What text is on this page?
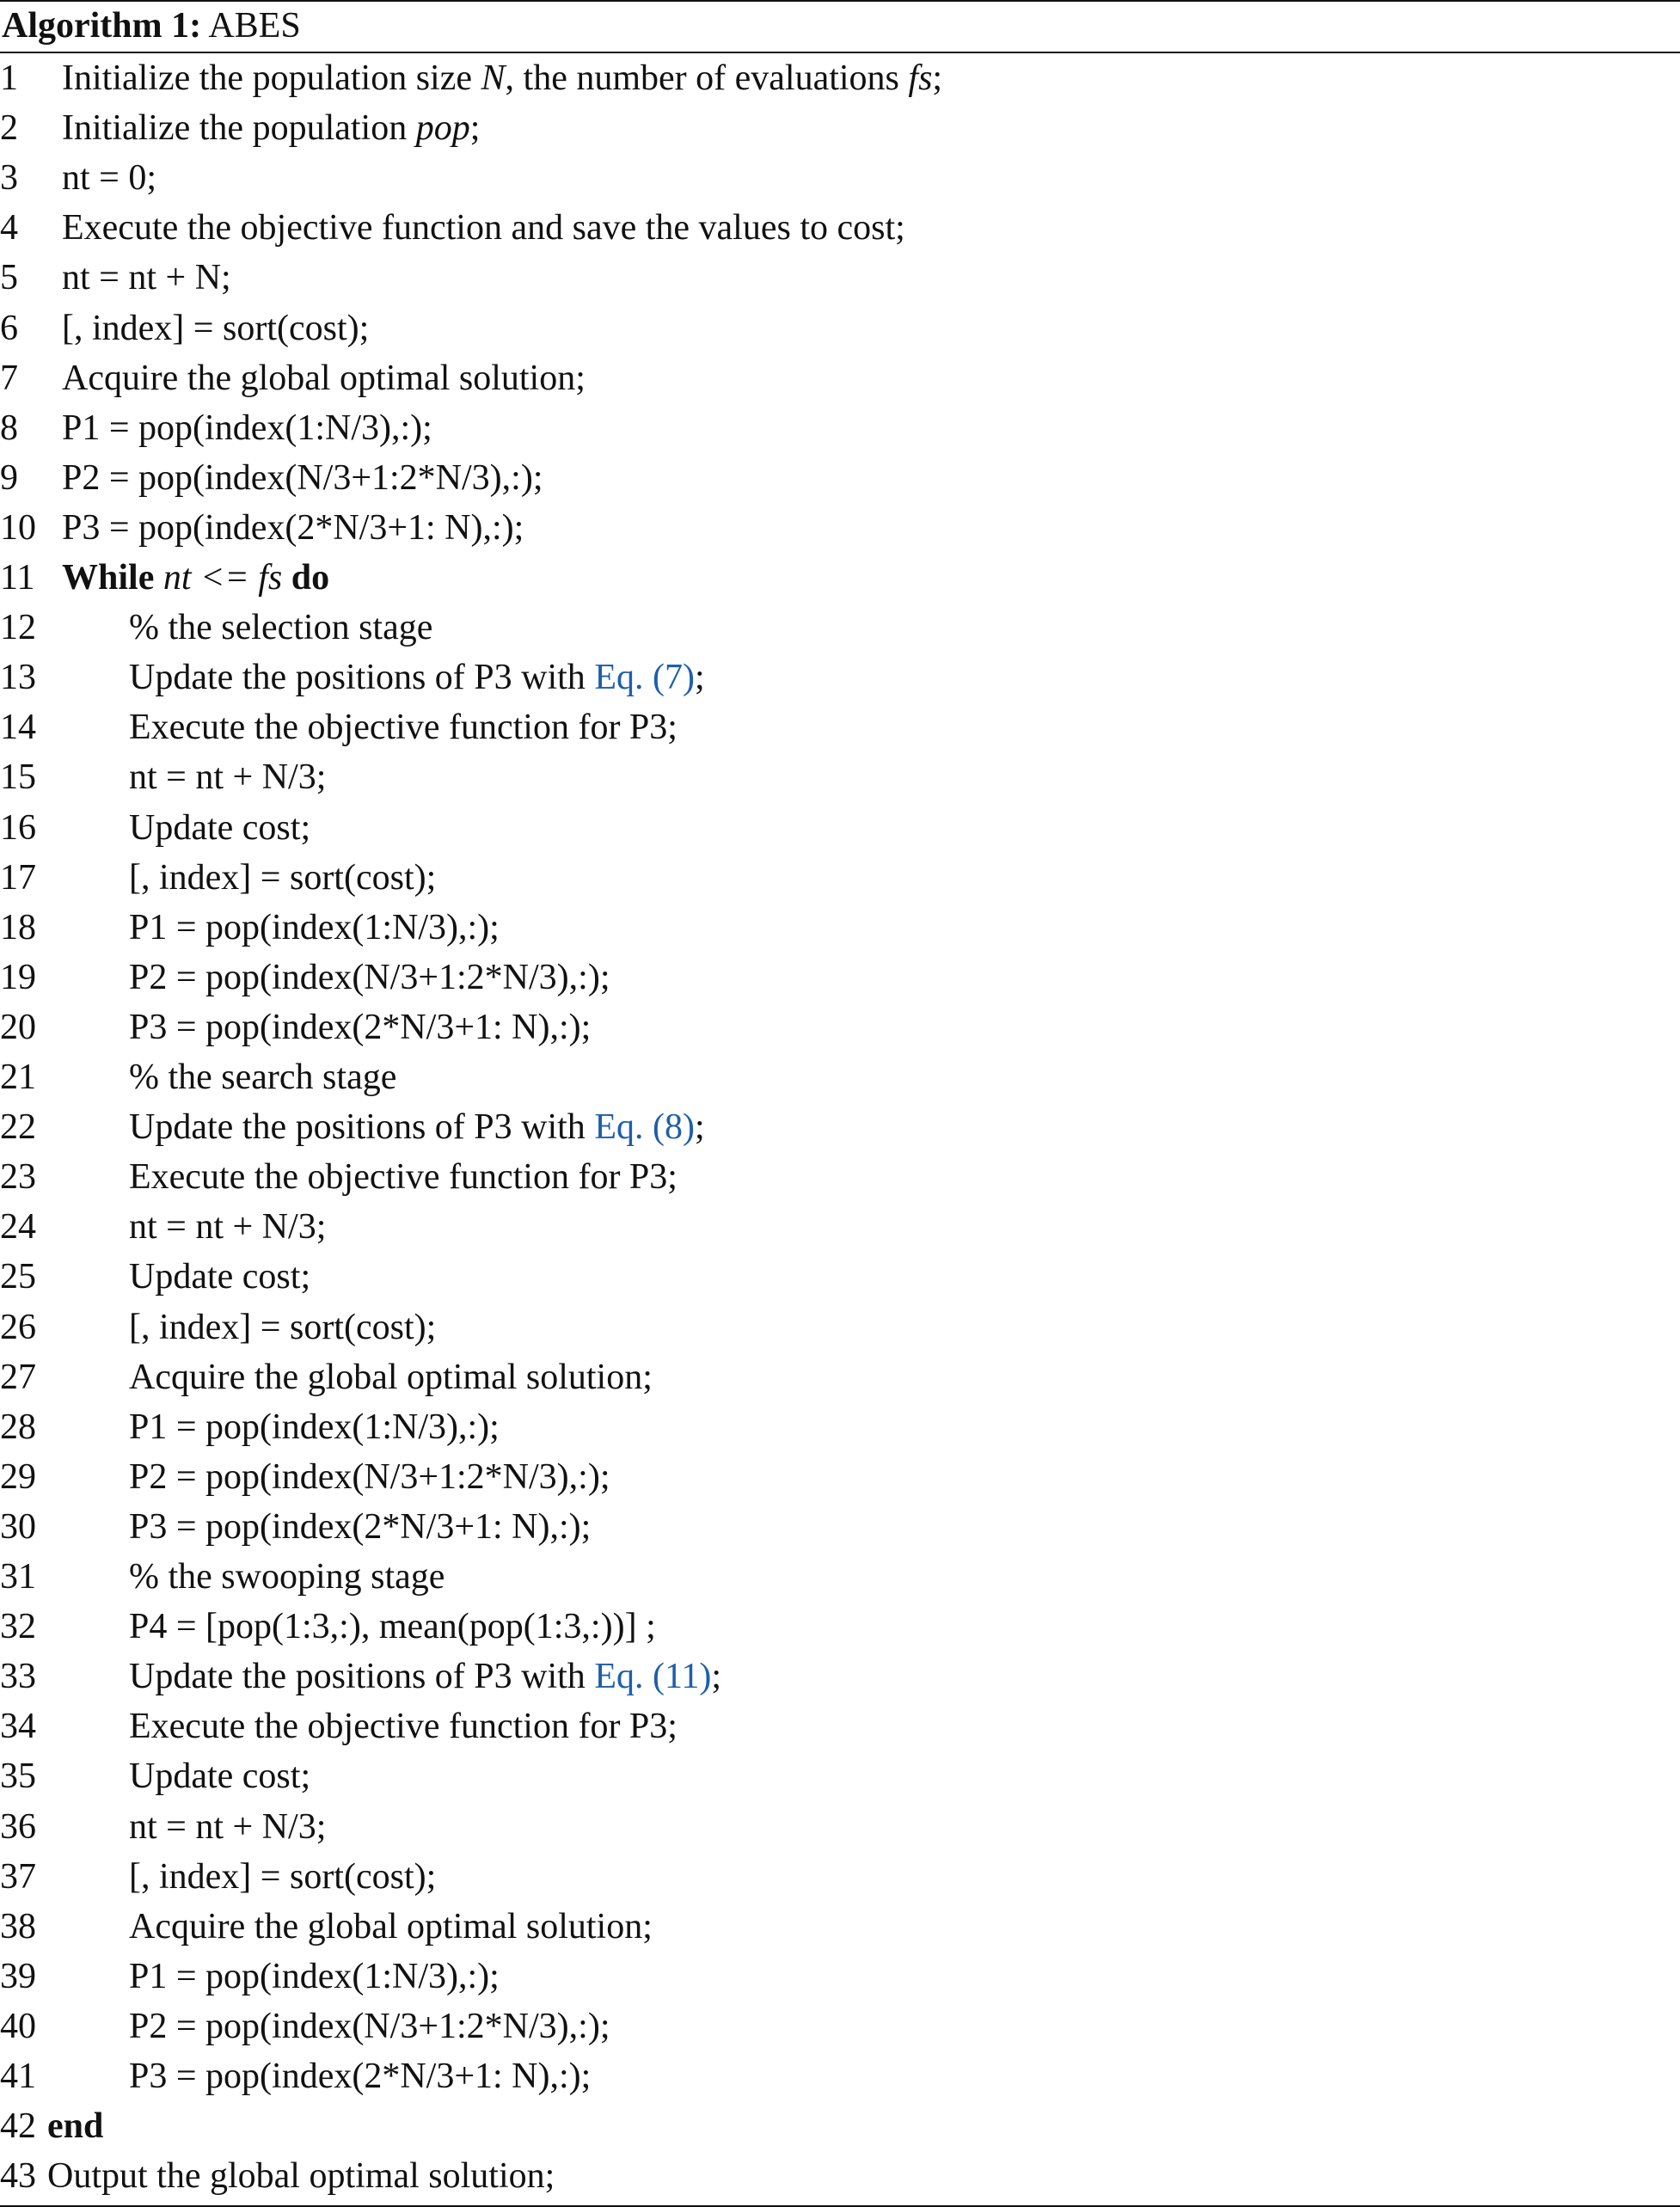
Algorithm 1: ABES
1 Initialize the population size N, the number of evaluations fs;
2 Initialize the population pop;
3 nt = 0;
4 Execute the objective function and save the values to cost;
5 nt = nt + N;
6 [, index] = sort(cost);
7 Acquire the global optimal solution;
8 P1 = pop(index(1:N/3),:);
9 P2 = pop(index(N/3+1:2*N/3),:);
10 P3 = pop(index(2*N/3+1: N),:);
11 While nt <= fs do
12	% the selection stage
13	Update the positions of P3 with Eq. (7);
14	Execute the objective function for P3;
15	nt = nt + N/3;
16	Update cost;
17	[, index] = sort(cost);
18	P1 = pop(index(1:N/3),:);
19	P2 = pop(index(N/3+1:2*N/3),:);
20	P3 = pop(index(2*N/3+1: N),:);
21	% the search stage
22	Update the positions of P3 with Eq. (8);
23	Execute the objective function for P3;
24	nt = nt + N/3;
25	Update cost;
26	[, index] = sort(cost);
27	Acquire the global optimal solution;
28	P1 = pop(index(1:N/3),:);
29	P2 = pop(index(N/3+1:2*N/3),:);
30	P3 = pop(index(2*N/3+1: N),:);
31	% the swooping stage
32	P4 = [pop(1:3,:), mean(pop(1:3,:))] ;
33	Update the positions of P3 with Eq. (11);
34	Execute the objective function for P3;
35	Update cost;
36	nt = nt + N/3;
37	[, index] = sort(cost);
38	Acquire the global optimal solution;
39	P1 = pop(index(1:N/3),:);
40	P2 = pop(index(N/3+1:2*N/3),:);
41	P3 = pop(index(2*N/3+1: N),:);
42 end
43 Output the global optimal solution;
